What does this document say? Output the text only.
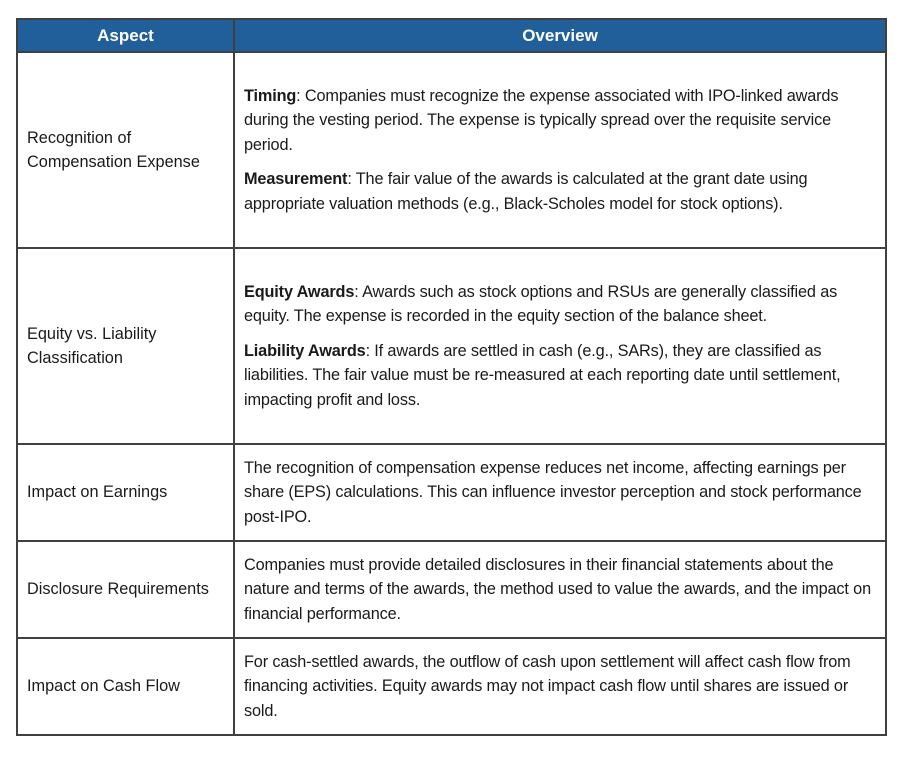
Aspect	Overview
Recognition of Compensation Expense	Timing: Companies must recognize the expense associated with IPO-linked awards during the vesting period. The expense is typically spread over the requisite service period.

Measurement: The fair value of the awards is calculated at the grant date using appropriate valuation methods (e.g., Black-Scholes model for stock options).

Equity vs. Liability Classification	Equity Awards: Awards such as stock options and RSUs are generally classified as equity. The expense is recorded in the equity section of the balance sheet.

Liability Awards: If awards are settled in cash (e.g., SARs), they are classified as liabilities. The fair value must be re-measured at each reporting date until settlement, impacting profit and loss.

Impact on Earnings	The recognition of compensation expense reduces net income, affecting earnings per share (EPS) calculations. This can influence investor perception and stock performance post-IPO.

Disclosure Requirements	Companies must provide detailed disclosures in their financial statements about the nature and terms of the awards, the method used to value the awards, and the impact on financial performance.

Impact on Cash Flow	For cash-settled awards, the outflow of cash upon settlement will affect cash flow from financing activities. Equity awards may not impact cash flow until shares are issued or sold.
